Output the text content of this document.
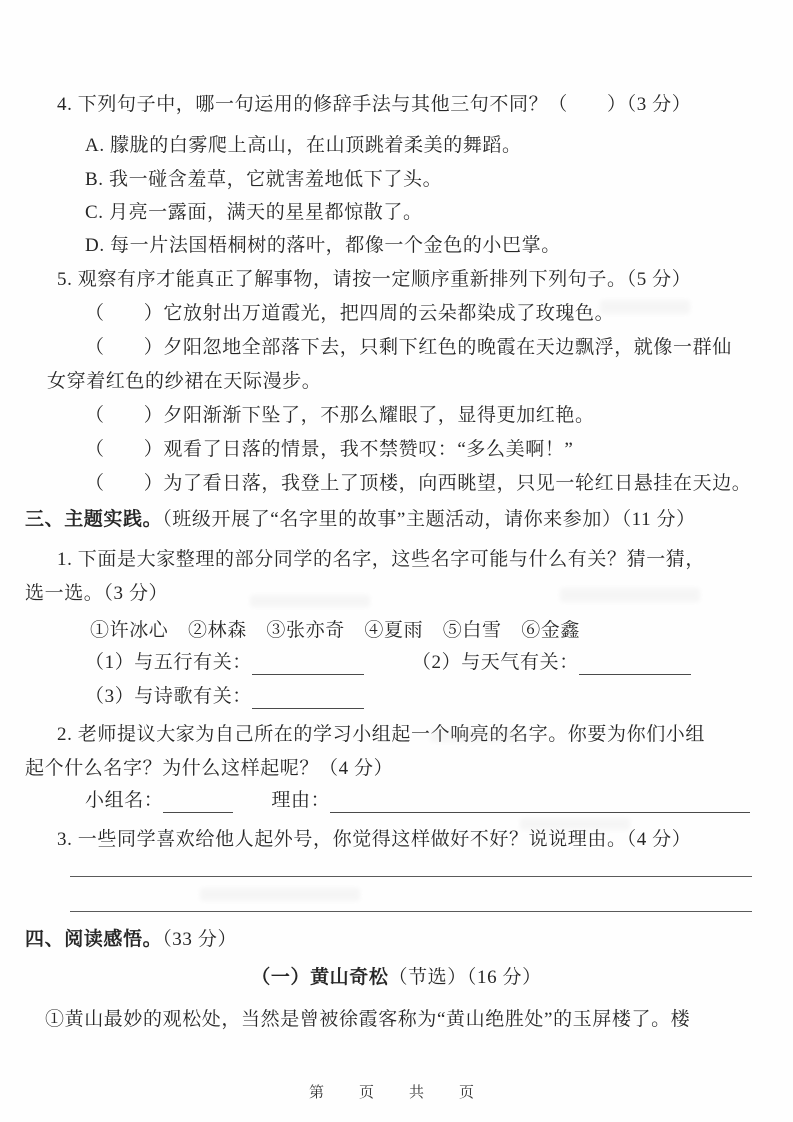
4. 下列句子中，哪一句运用的修辞手法与其他三句不同？（　　）（3 分）
A. 朦胧的白雾爬上高山，在山顶跳着柔美的舞蹈。
B. 我一碰含羞草，它就害羞地低下了头。
C. 月亮一露面，满天的星星都惊散了。
D. 每一片法国梧桐树的落叶，都像一个金色的小巴掌。
5. 观察有序才能真正了解事物，请按一定顺序重新排列下列句子。（5 分）
（　　）它放射出万道霞光，把四周的云朵都染成了玫瑰色。
（　　）夕阳忽地全部落下去，只剩下红色的晚霞在天边飘浮，就像一群仙
女穿着红色的纱裙在天际漫步。
（　　）夕阳渐渐下坠了，不那么耀眼了，显得更加红艳。
（　　）观看了日落的情景，我不禁赞叹：“多么美啊！”
（　　）为了看日落，我登上了顶楼，向西眺望，只见一轮红日悬挂在天边。
三、主题实践。（班级开展了“名字里的故事”主题活动，请你来参加）（11 分）
1. 下面是大家整理的部分同学的名字，这些名字可能与什么有关？猜一猜，
选一选。（3 分）
①许冰心　②林森　③张亦奇　④夏雨　⑤白雪　⑥金鑫
（1）与五行有关：	（2）与天气有关：
（3）与诗歌有关：
2. 老师提议大家为自己所在的学习小组起一个响亮的名字。你要为你们小组
起个什么名字？为什么这样起呢？（4 分）
小组名：	理由：
3. 一些同学喜欢给他人起外号，你觉得这样做好不好？说说理由。（4 分）
四、阅读感悟。（33 分）
（一）黄山奇松（节选）（16 分）
①黄山最妙的观松处，当然是曾被徐霞客称为“黄山绝胜处”的玉屏楼了。楼
第　页　共　页
